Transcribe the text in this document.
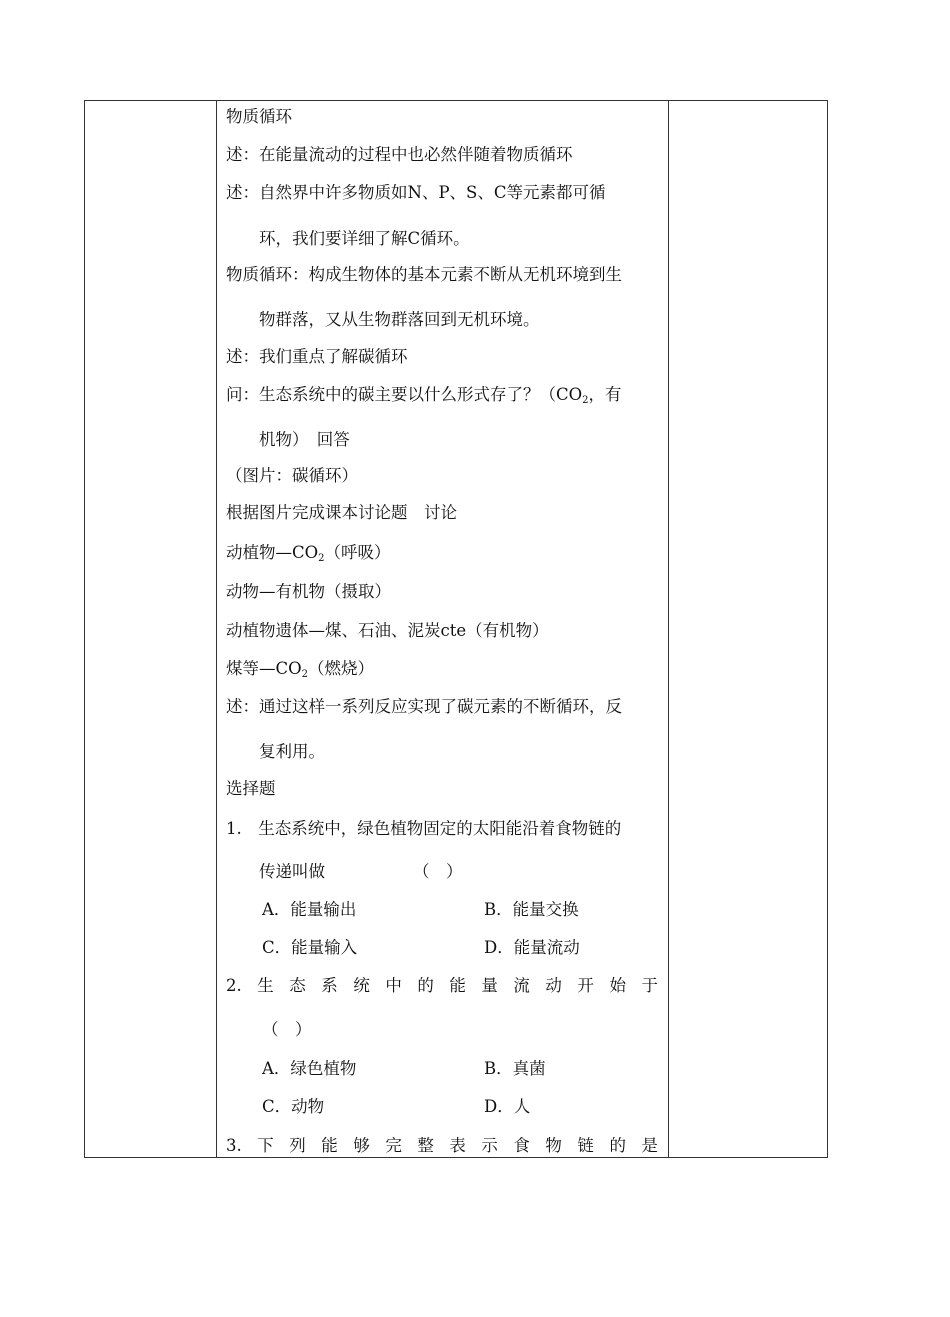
物质循环
述：在能量流动的过程中也必然伴随着物质循环
述：自然界中许多物质如N、P、S、C等元素都可循
环，我们要详细了解C循环。
物质循环：构成生物体的基本元素不断从无机环境到生
物群落，又从生物群落回到无机环境。
述：我们重点了解碳循环
问：生态系统中的碳主要以什么形式存了？（$CO_2$，有
机物）　回答
（图片：碳循环）
根据图片完成课本讨论题　讨论
动植物$—CO_2$（呼吸）
动物—有机物（摄取）
动植物遗体—煤、石油、泥炭cte（有机物）
煤等$—CO_2$（燃烧）
述：通过这样一系列反应实现了碳元素的不断循环，反
复利用。
选择题
1.　生态系统中，绿色植物固定的太阳能沿着食物链的
传递叫做	（　）
A．能量输出	B．能量交换
C．能量输入	D．能量流动
2. 生 态 系 统 中 的 能 量 流 动 开 始 于
（　）
A．绿色植物	B．真菌
C．动物	D．人
3. 下 列 能 够 完 整 表 示 食 物 链 的 是
